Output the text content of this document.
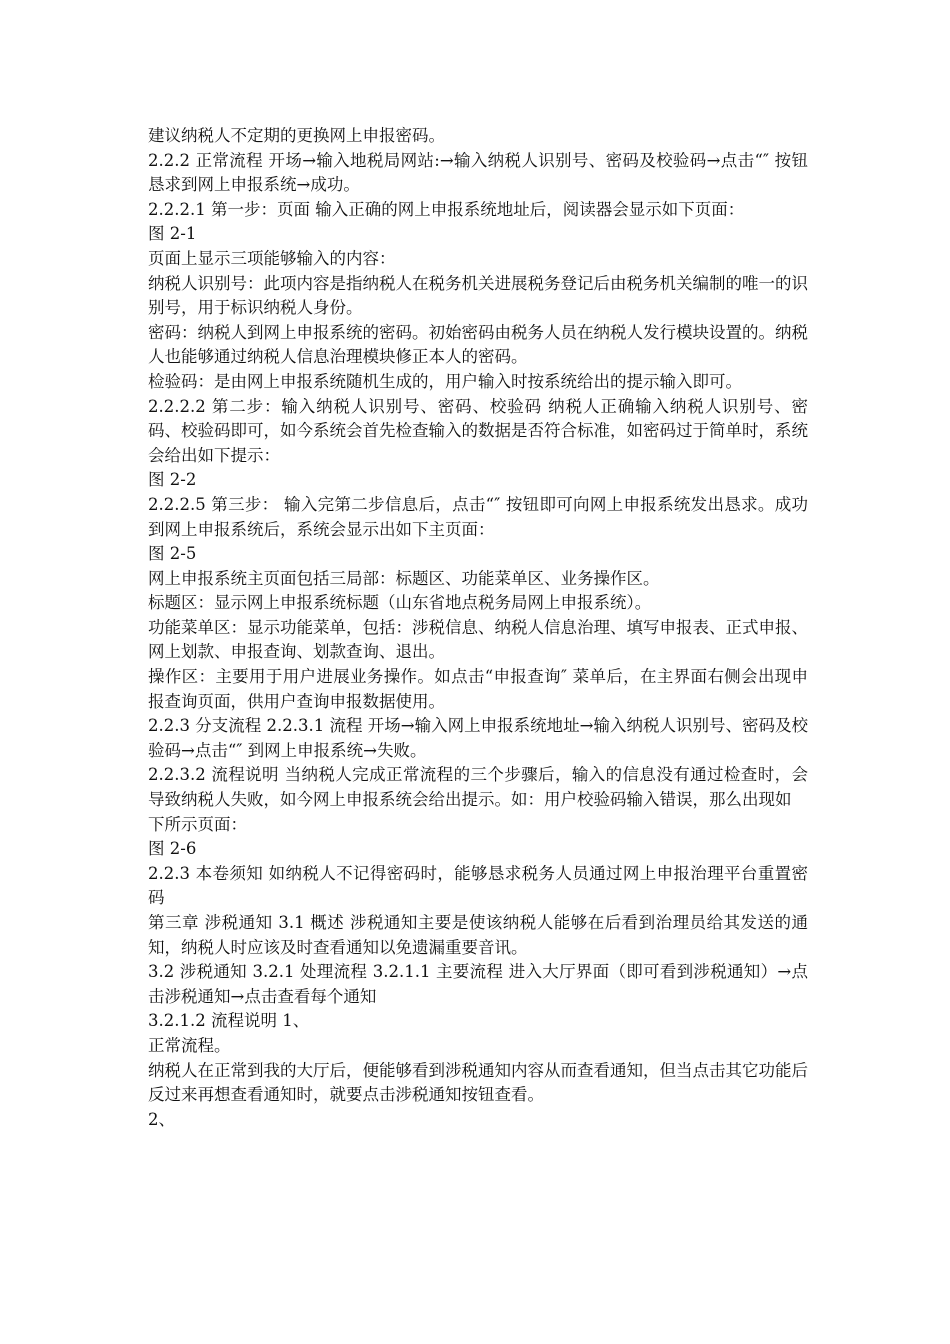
建议纳税人不定期的更换网上申报密码。

2.2.2 正常流程 开场→输入地税局网站:→输入纳税人识别号、密码及校验码→点击“″ 按钮恳求到网上申报系统→成功。

2.2.2.1 第一步：页面 输入正确的网上申报系统地址后，阅读器会显示如下页面：

图 2-1

页面上显示三项能够输入的内容：

纳税人识别号：此项内容是指纳税人在税务机关进展税务登记后由税务机关编制的唯一的识别号，用于标识纳税人身份。

密码：纳税人到网上申报系统的密码。初始密码由税务人员在纳税人发行模块设置的。纳税人也能够通过纳税人信息治理模块修正本人的密码。

检验码：是由网上申报系统随机生成的，用户输入时按系统给出的提示输入即可。

2.2.2.2 第二步：输入纳税人识别号、密码、校验码 纳税人正确输入纳税人识别号、密码、校验码即可，如今系统会首先检查输入的数据是否符合标准，如密码过于简单时，系统会给出如下提示：

图 2-2

2.2.2.5 第三步： 输入完第二步信息后，点击“″ 按钮即可向网上申报系统发出恳求。成功到网上申报系统后，系统会显示出如下主页面：

图 2-5

网上申报系统主页面包括三局部：标题区、功能菜单区、业务操作区。

标题区：显示网上申报系统标题（山东省地点税务局网上申报系统）。

功能菜单区：显示功能菜单，包括：涉税信息、纳税人信息治理、填写申报表、正式申报、网上划款、申报查询、划款查询、退出。

操作区：主要用于用户进展业务操作。如点击“申报查询″ 菜单后，在主界面右侧会出现申报查询页面，供用户查询申报数据使用。

2.2.3 分支流程 2.2.3.1 流程 开场→输入网上申报系统地址→输入纳税人识别号、密码及校验码→点击“″ 到网上申报系统→失败。

2.2.3.2 流程说明 当纳税人完成正常流程的三个步骤后，输入的信息没有通过检查时，会导致纳税人失败，如今网上申报系统会给出提示。如：用户校验码输入错误，那么出现如

下所示页面：

图 2-6

2.2.3 本卷须知 如纳税人不记得密码时，能够恳求税务人员通过网上申报治理平台重置密码

第三章 涉税通知 3.1 概述 涉税通知主要是使该纳税人能够在后看到治理员给其发送的通知，纳税人时应该及时查看通知以免遗漏重要音讯。

3.2 涉税通知 3.2.1 处理流程 3.2.1.1 主要流程 进入大厅界面（即可看到涉税通知）→点击涉税通知→点击查看每个通知

3.2.1.2 流程说明 1、

正常流程。

纳税人在正常到我的大厅后，便能够看到涉税通知内容从而查看通知，但当点击其它功能后反过来再想查看通知时，就要点击涉税通知按钮查看。

2、
